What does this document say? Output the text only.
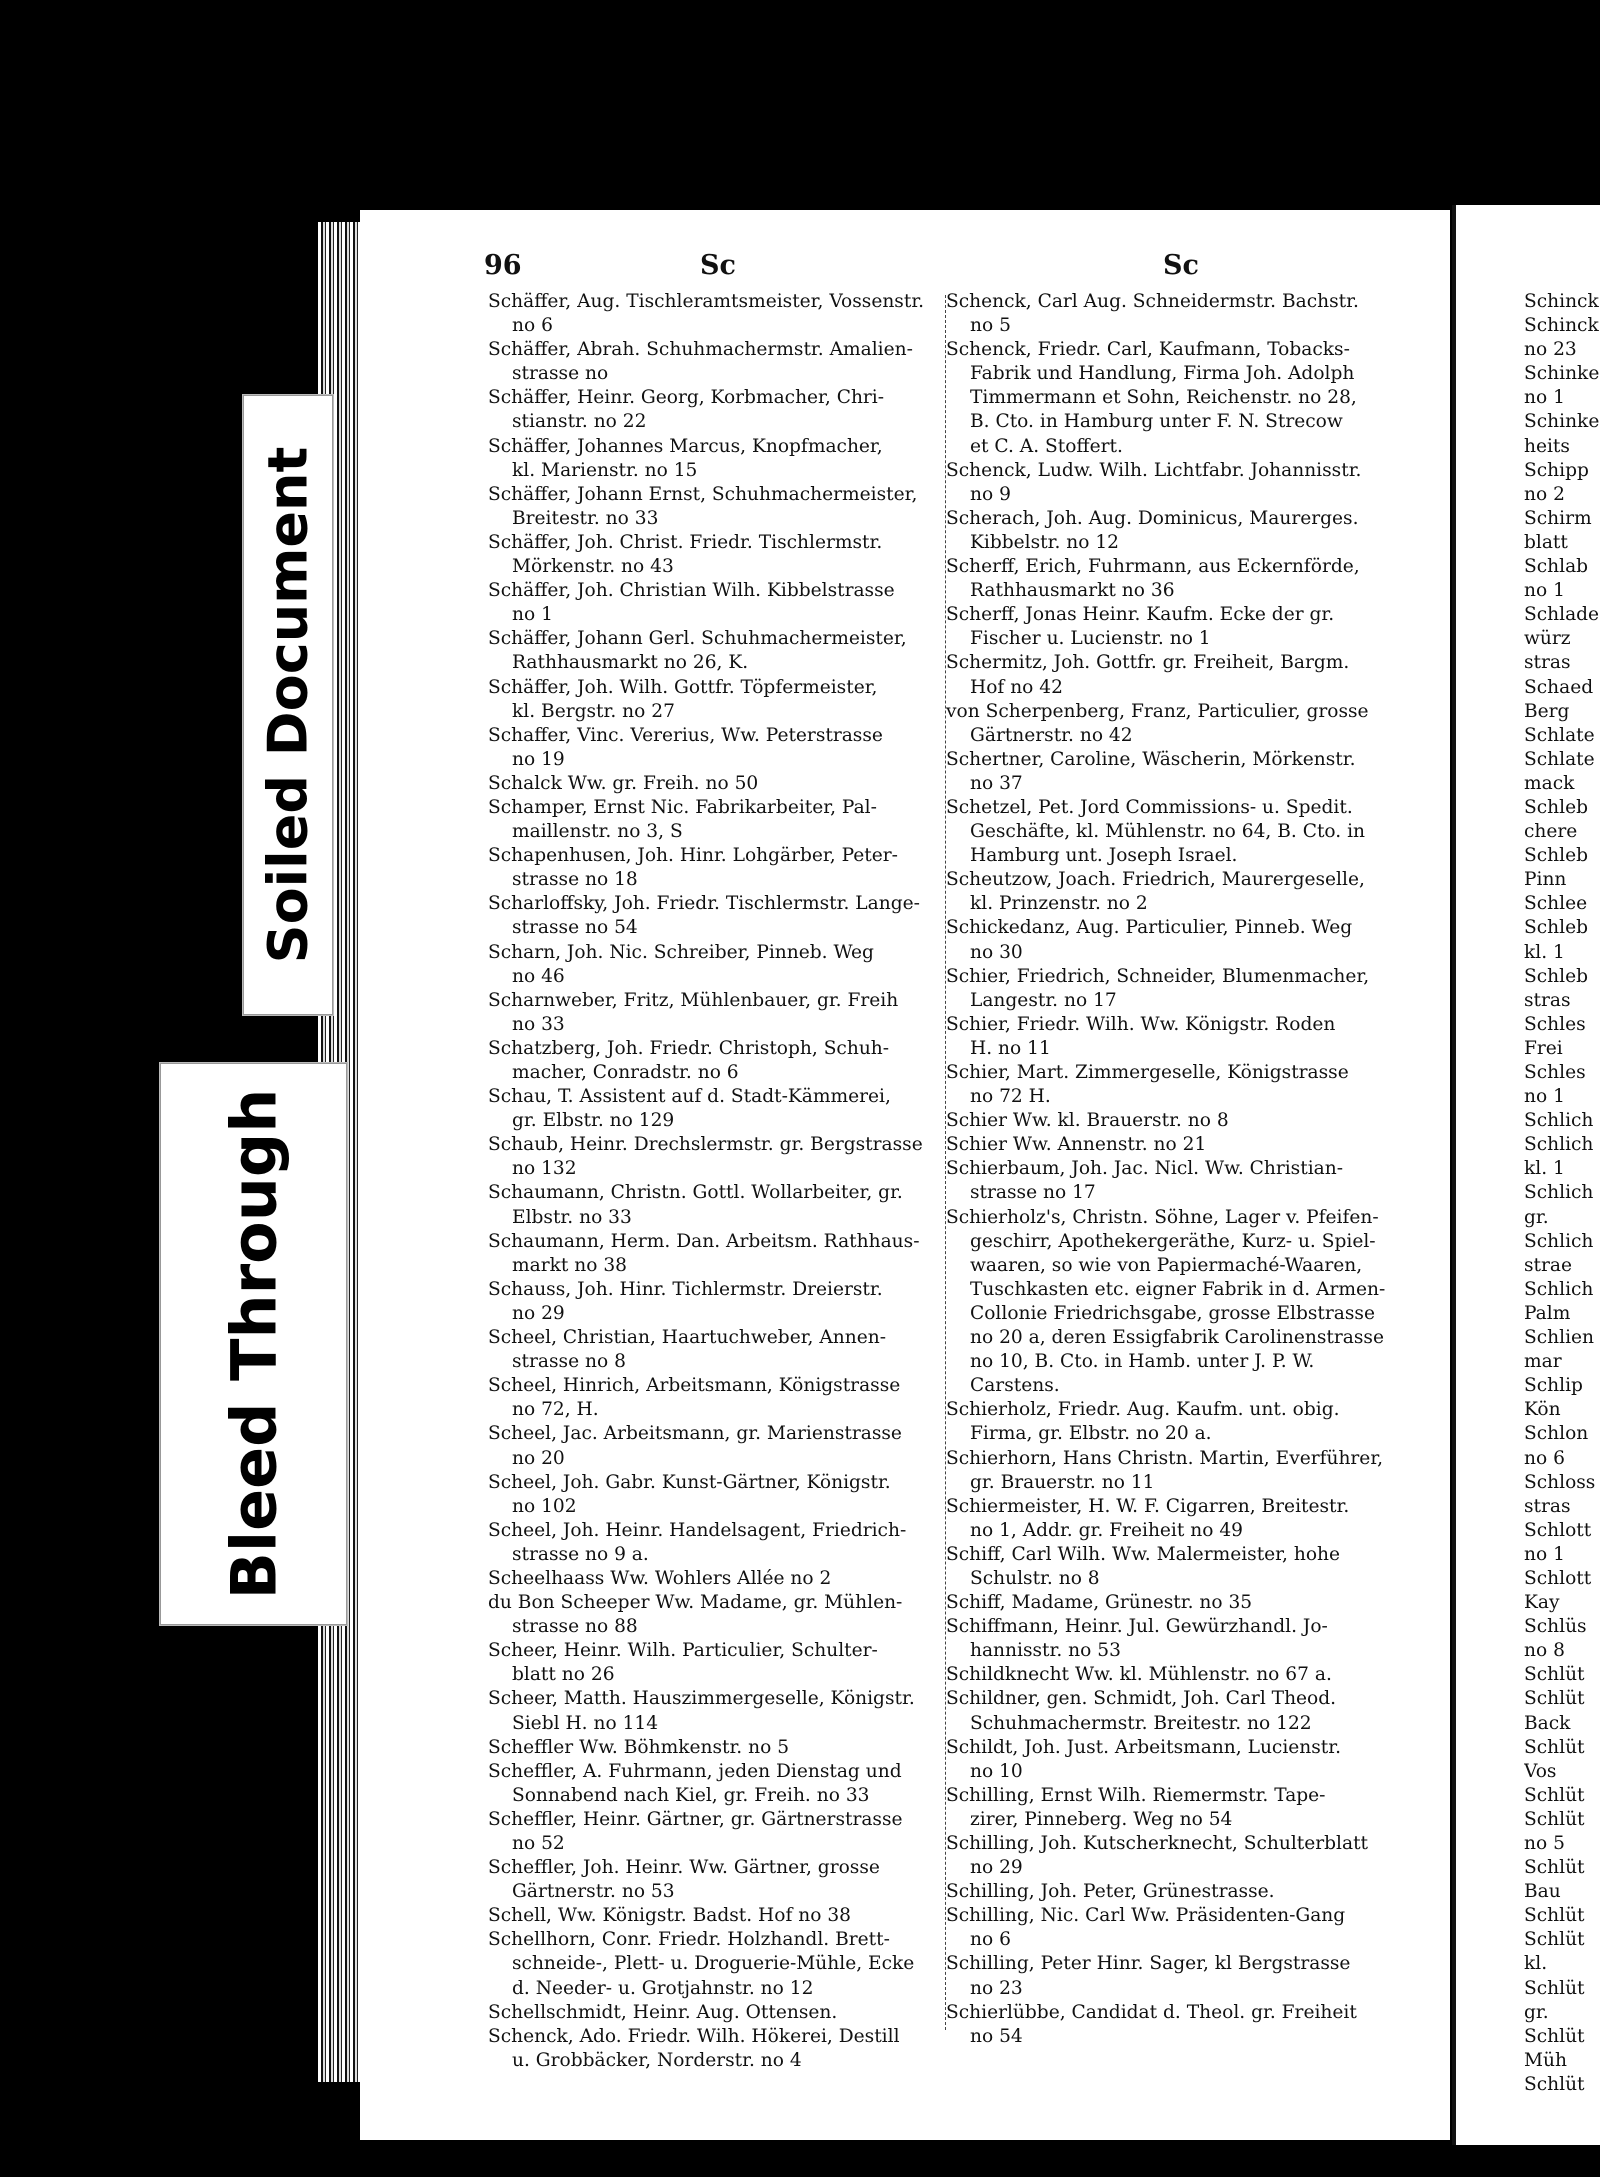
96	Sc	Sc
Schäffer, Aug. Tischleramtsmeister, Vossenstr.
no 6
Schäffer, Abrah. Schuhmachermstr. Amalien-
strasse no
Schäffer, Heinr. Georg, Korbmacher, Chri-
stianstr. no 22
Schäffer, Johannes Marcus, Knopfmacher,
kl. Marienstr. no 15
Schäffer, Johann Ernst, Schuhmachermeister,
Breitestr. no 33
Schäffer, Joh. Christ. Friedr. Tischlermstr.
Mörkenstr. no 43
Schäffer, Joh. Christian Wilh. Kibbelstrasse
no 1
Schäffer, Johann Gerl. Schuhmachermeister,
Rathhausmarkt no 26, K.
Schäffer, Joh. Wilh. Gottfr. Töpfermeister,
kl. Bergstr. no 27
Schaffer, Vinc. Vererius, Ww. Peterstrasse
no 19
Schalck Ww. gr. Freih. no 50
Schamper, Ernst Nic. Fabrikarbeiter, Pal-
maillenstr. no 3, S
Schapenhusen, Joh. Hinr. Lohgärber, Peter-
strasse no 18
Scharloffsky, Joh. Friedr. Tischlermstr. Lange-
strasse no 54
Scharn, Joh. Nic. Schreiber, Pinneb. Weg
no 46
Scharnweber, Fritz, Mühlenbauer, gr. Freih
no 33
Schatzberg, Joh. Friedr. Christoph, Schuh-
macher, Conradstr. no 6
Schau, T. Assistent auf d. Stadt-Kämmerei,
gr. Elbstr. no 129
Schaub, Heinr. Drechslermstr. gr. Bergstrasse
no 132
Schaumann, Christn. Gottl. Wollarbeiter, gr.
Elbstr. no 33
Schaumann, Herm. Dan. Arbeitsm. Rathhaus-
markt no 38
Schauss, Joh. Hinr. Tichlermstr. Dreierstr.
no 29
Scheel, Christian, Haartuchweber, Annen-
strasse no 8
Scheel, Hinrich, Arbeitsmann, Königstrasse
no 72, H.
Scheel, Jac. Arbeitsmann, gr. Marienstrasse
no 20
Scheel, Joh. Gabr. Kunst-Gärtner, Königstr.
no 102
Scheel, Joh. Heinr. Handelsagent, Friedrich-
strasse no 9 a.
Scheelhaass Ww. Wohlers Allée no 2
du Bon Scheeper Ww. Madame, gr. Mühlen-
strasse no 88
Scheer, Heinr. Wilh. Particulier, Schulter-
blatt no 26
Scheer, Matth. Hauszimmergeselle, Königstr.
Siebl H. no 114
Scheffler Ww. Böhmkenstr. no 5
Scheffler, A. Fuhrmann, jeden Dienstag und
Sonnabend nach Kiel, gr. Freih. no 33
Scheffler, Heinr. Gärtner, gr. Gärtnerstrasse
no 52
Scheffler, Joh. Heinr. Ww. Gärtner, grosse
Gärtnerstr. no 53
Schell, Ww. Königstr. Badst. Hof no 38
Schellhorn, Conr. Friedr. Holzhandl. Brett-
schneide-, Plett- u. Droguerie-Mühle, Ecke
d. Needer- u. Grotjahnstr. no 12
Schellschmidt, Heinr. Aug. Ottensen.
Schenck, Ado. Friedr. Wilh. Hökerei, Destill
u. Grobbäcker, Norderstr. no 4
Schenck, Carl Aug. Schneidermstr. Bachstr.
no 5
Schenck, Friedr. Carl, Kaufmann, Tobacks-
Fabrik und Handlung, Firma Joh. Adolph
Timmermann et Sohn, Reichenstr. no 28,
B. Cto. in Hamburg unter F. N. Strecow
et C. A. Stoffert.
Schenck, Ludw. Wilh. Lichtfabr. Johannisstr.
no 9
Scherach, Joh. Aug. Dominicus, Maurerges.
Kibbelstr. no 12
Scherff, Erich, Fuhrmann, aus Eckernförde,
Rathhausmarkt no 36
Scherff, Jonas Heinr. Kaufm. Ecke der gr.
Fischer u. Lucienstr. no 1
Schermitz, Joh. Gottfr. gr. Freiheit, Bargm.
Hof no 42
von Scherpenberg, Franz, Particulier, grosse
Gärtnerstr. no 42
Schertner, Caroline, Wäscherin, Mörkenstr.
no 37
Schetzel, Pet. Jord Commissions- u. Spedit.
Geschäfte, kl. Mühlenstr. no 64, B. Cto. in
Hamburg unt. Joseph Israel.
Scheutzow, Joach. Friedrich, Maurergeselle,
kl. Prinzenstr. no 2
Schickedanz, Aug. Particulier, Pinneb. Weg
no 30
Schier, Friedrich, Schneider, Blumenmacher,
Langestr. no 17
Schier, Friedr. Wilh. Ww. Königstr. Roden
H. no 11
Schier, Mart. Zimmergeselle, Königstrasse
no 72 H.
Schier Ww. kl. Brauerstr. no 8
Schier Ww. Annenstr. no 21
Schierbaum, Joh. Jac. Nicl. Ww. Christian-
strasse no 17
Schierholz's, Christn. Söhne, Lager v. Pfeifen-
geschirr, Apothekergeräthe, Kurz- u. Spiel-
waaren, so wie von Papiermaché-Waaren,
Tuschkasten etc. eigner Fabrik in d. Armen-
Collonie Friedrichsgabe, grosse Elbstrasse
no 20 a, deren Essigfabrik Carolinenstrasse
no 10, B. Cto. in Hamb. unter J. P. W.
Carstens.
Schierholz, Friedr. Aug. Kaufm. unt. obig.
Firma, gr. Elbstr. no 20 a.
Schierhorn, Hans Christn. Martin, Everführer,
gr. Brauerstr. no 11
Schiermeister, H. W. F. Cigarren, Breitestr.
no 1, Addr. gr. Freiheit no 49
Schiff, Carl Wilh. Ww. Malermeister, hohe
Schulstr. no 8
Schiff, Madame, Grünestr. no 35
Schiffmann, Heinr. Jul. Gewürzhandl. Jo-
hannisstr. no 53
Schildknecht Ww. kl. Mühlenstr. no 67 a.
Schildner, gen. Schmidt, Joh. Carl Theod.
Schuhmachermstr. Breitestr. no 122
Schildt, Joh. Just. Arbeitsmann, Lucienstr.
no 10
Schilling, Ernst Wilh. Riemermstr. Tape-
zirer, Pinneberg. Weg no 54
Schilling, Joh. Kutscherknecht, Schulterblatt
no 29
Schilling, Joh. Peter, Grünestrasse.
Schilling, Nic. Carl Ww. Präsidenten-Gang
no 6
Schilling, Peter Hinr. Sager, kl Bergstrasse
no 23
Schierlübbe, Candidat d. Theol. gr. Freiheit
no 54
Schinck
Schinck
no 23
Schinke
no 1
Schinke
heits
Schipp
no 2
Schirm
blatt
Schlab
no 1
Schlade
würz
stras
Schaed
Berg
Schlate
Schlate
mack
Schleb
chere
Schleb
Pinn
Schlee
Schleb
kl. 1
Schleb
stras
Schles
Frei
Schles
no 1
Schlich
Schlich
kl. 1
Schlich
gr.
Schlich
strae
Schlich
Palm
Schlien
mar
Schlip
Kön
Schlon
no 6
Schloss
stras
Schlott
no 1
Schlott
Kay
Schlüs
no 8
Schlüt
Schlüt
Back
Schlüt
Vos
Schlüt
Schlüt
no 5
Schlüt
Bau
Schlüt
Schlüt
kl.
Schlüt
gr.
Schlüt
Müh
Schlüt
Soiled Document
Bleed Through
